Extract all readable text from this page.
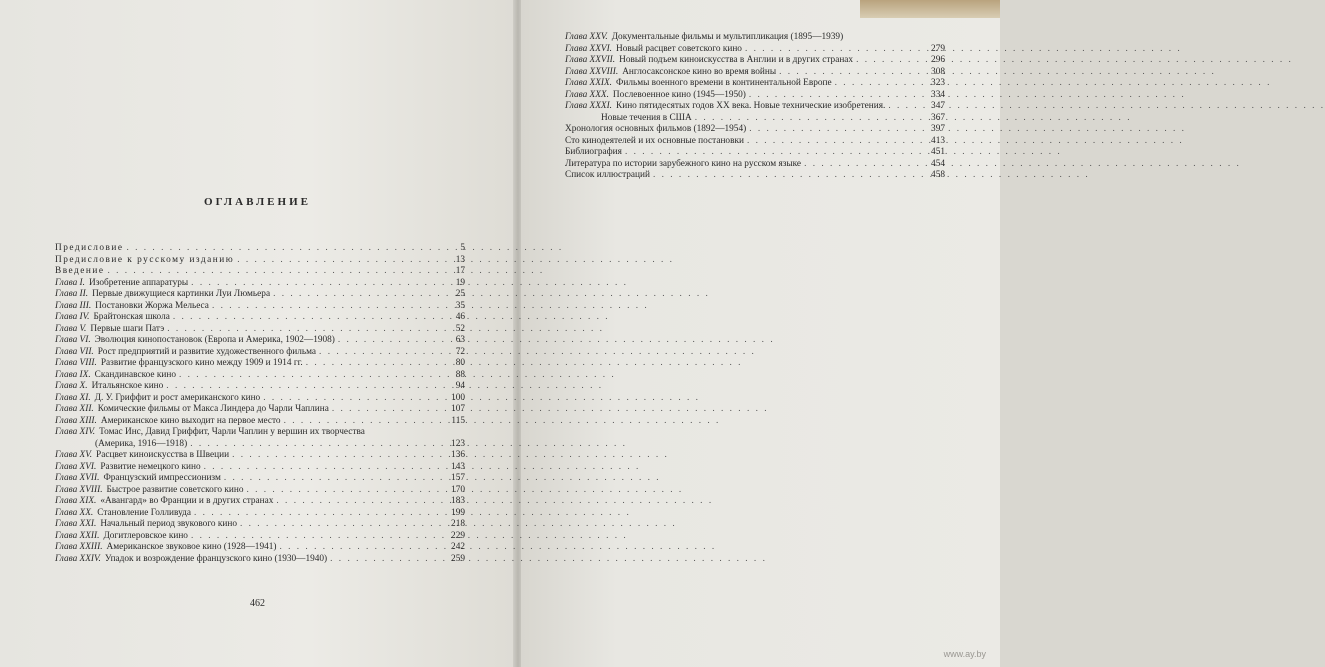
ОГЛАВЛЕНИЕ
Предисловие . . .	5
Предисловие к русскому изданию . . .	13
Введение . . .	17
Глава I. Изобретение аппаратуры . . .	19
Глава II. Первые движущиеся картинки Луи Люмьера . . .	25
Глава III. Постановки Жоржа Мельеса . . .	35
Глава IV. Брайтонская школа . . .	46
Глава V. Первые шаги Патэ . . .	52
Глава VI. Эволюция кинопостановок (Европа и Америка, 1902—1908) . . .	63
Глава VII. Рост предприятий и развитие художественного фильма . . .	72
Глава VIII. Развитие французского кино между 1909 и 1914 гг. . . .	80
Глава IX. Скандинавское кино . . .	88
Глава X. Итальянское кино . . .	94
Глава XI. Д. У. Гриффит и рост американского кино . . .	100
Глава XII. Комические фильмы от Макса Линдера до Чарли Чаплина . . .	107
Глава XIII. Американское кино выходит на первое место . . .	115
Глава XIV. Томас Инс, Давид Гриффит, Чарли Чаплин у вершин их творчества
(Америка, 1916—1918) . . .	123
Глава XV. Расцвет киноискусства в Швеции . . .	136
Глава XVI. Развитие немецкого кино . . .	143
Глава XVII. Французский импрессионизм . . .	157
Глава XVIII. Быстрое развитие советского кино . . .	170
Глава XIX. «Авангард» во Франции и в других странах . . .	183
Глава XX. Становление Голливуда . . .	199
Глава XXI. Начальный период звукового кино . . .	218
Глава XXII. Догитлеровское кино . . .	229
Глава XXIII. Американское звуковое кино (1928—1941) . . .	242
Глава XXIV. Упадок и возрождение французского кино (1930—1940) . . .	259
Глава XXV. Документальные фильмы и мультипликация (1895—1939)
Глава XXVI. Новый расцвет советского кино . . .	279
Глава XXVII. Новый подъем киноискусства в Англии и в других странах . . .	296
Глава XXVIII. Англосаксонское кино во время войны . . .	308
Глава XXIX. Фильмы военного времени в континентальной Европе . . .	323
Глава XXX. Послевоенное кино (1945—1950) . . .	334
Глава XXXI. Кино пятидесятых годов XX века. Новые технические изобретения. . . .	347
Новые течения в США . . .	367
Хронология основных фильмов (1892—1954) . . .	397
Сто кинодеятелей и их основные постановки . . .	413
Библиография . . .	451
Литература по истории зарубежного кино на русском языке . . .	454
Список иллюстраций . . .	458
462
www.ay.by
